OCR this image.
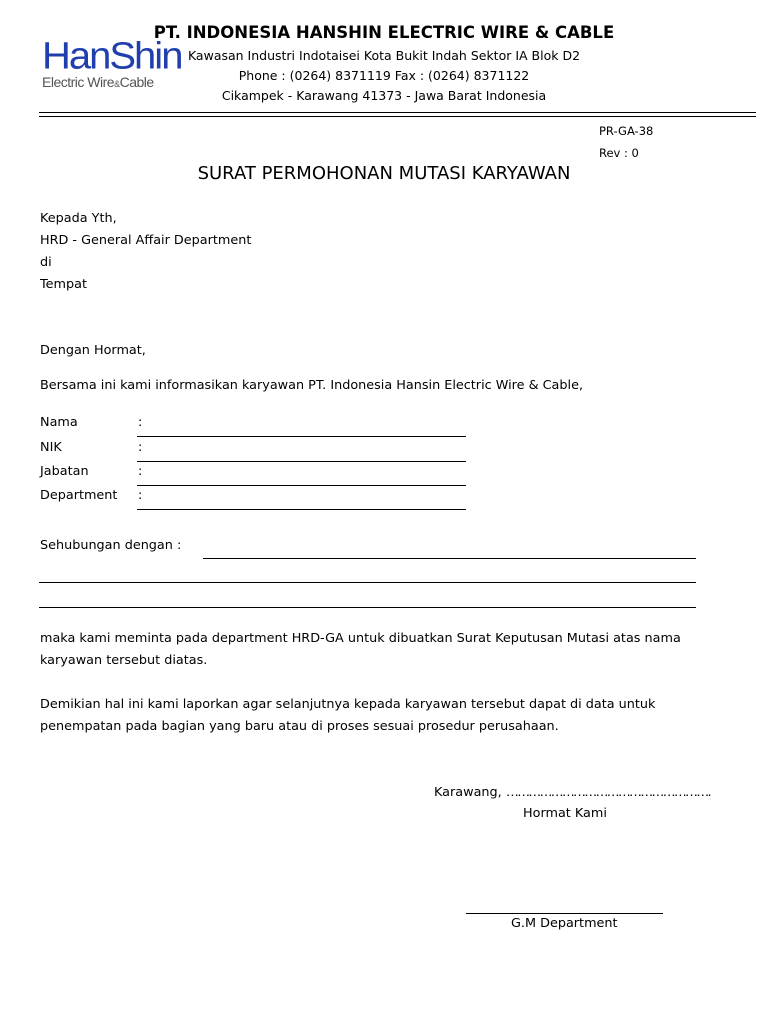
HanShin
Electric Wire&Cable
PT. INDONESIA HANSHIN ELECTRIC WIRE & CABLE
Kawasan Industri Indotaisei Kota Bukit Indah Sektor IA Blok D2
Phone : (0264) 8371119 Fax : (0264) 8371122
Cikampek - Karawang 41373 - Jawa Barat Indonesia
PR-GA-38
Rev : 0
SURAT PERMOHONAN MUTASI KARYAWAN
Kepada Yth,
HRD - General Affair Department
di
Tempat
Dengan Hormat,
Bersama ini kami informasikan karyawan PT. Indonesia Hansin Electric Wire & Cable,
Nama	:
NIK	:
Jabatan	:
Department :
Sehubungan dengan :
maka kami meminta pada department HRD-GA untuk dibuatkan Surat Keputusan Mutasi atas nama
karyawan tersebut diatas.
Demikian hal ini kami laporkan agar selanjutnya kepada karyawan tersebut dapat di data untuk
penempatan pada bagian yang baru atau di proses sesuai prosedur perusahaan.
Karawang, ……………………………………………….
Hormat Kami
G.M Department
